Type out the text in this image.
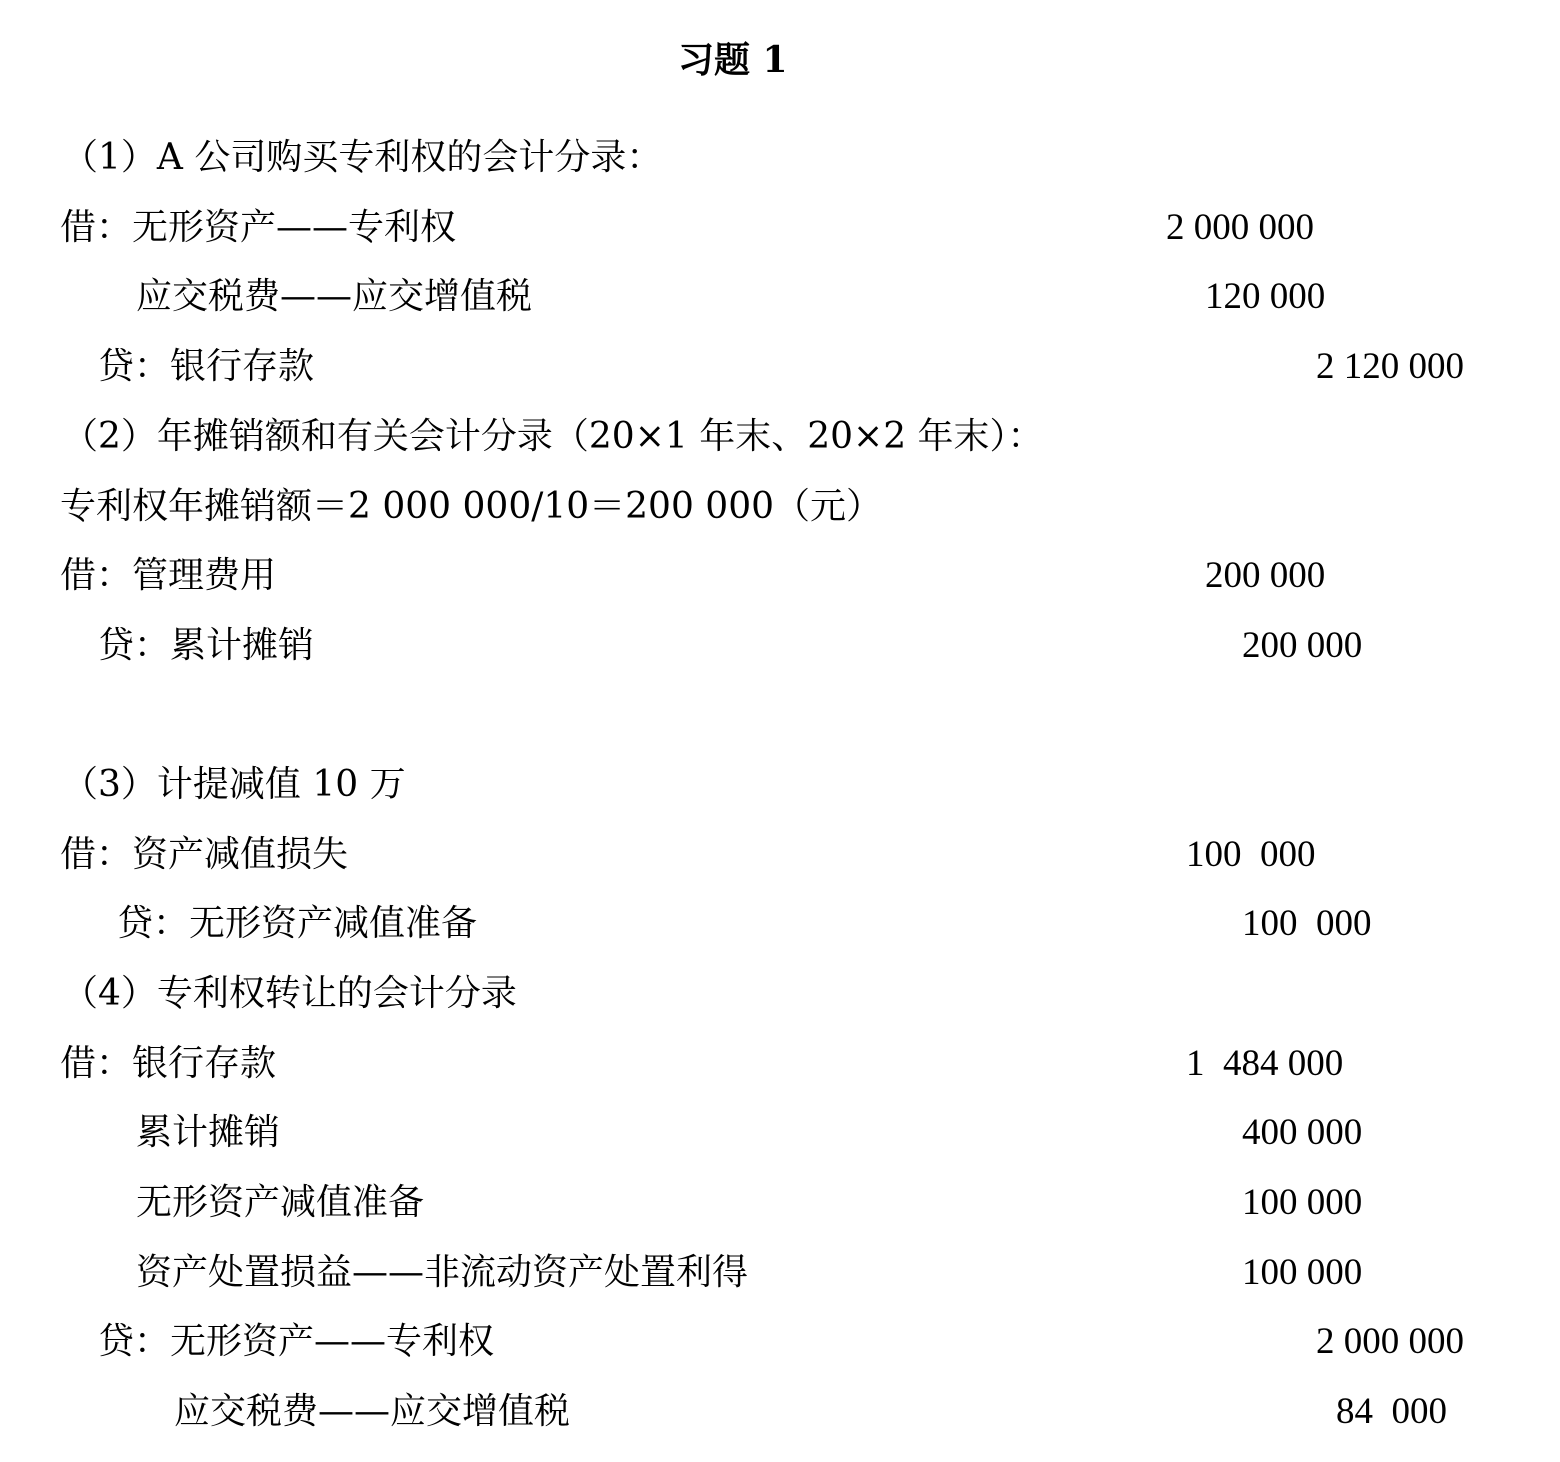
习题 1
（1）A 公司购买专利权的会计分录：
借：无形资产——专利权	2 000 000
应交税费——应交增值税	120 000
贷：银行存款	2 120 000
（2）年摊销额和有关会计分录（20×1 年末、20×2 年末）：
专利权年摊销额＝2 000 000/10＝200 000（元）
借：管理费用	200 000
贷：累计摊销	200 000
（3）计提减值 10 万
借：资产减值损失	100  000
贷：无形资产减值准备	100  000
（4）专利权转让的会计分录
借：银行存款	1  484 000
累计摊销	400 000
无形资产减值准备	100 000
资产处置损益——非流动资产处置利得	100 000
贷：无形资产——专利权	2 000 000
应交税费——应交增值税	84  000
